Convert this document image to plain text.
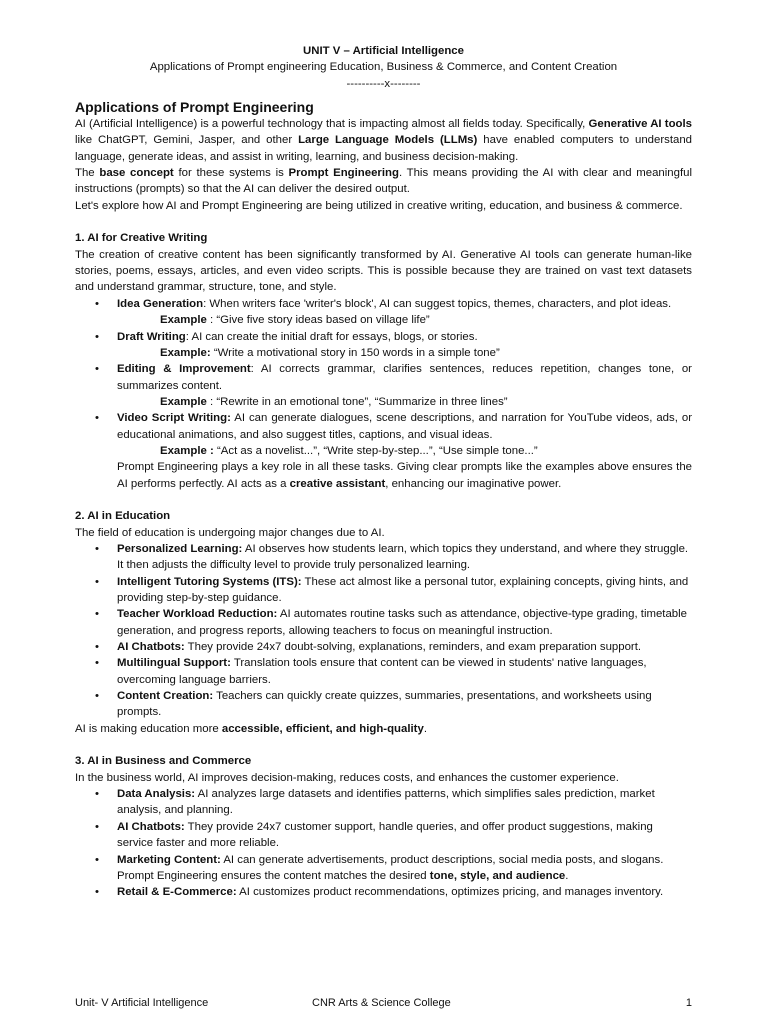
UNIT V – Artificial Intelligence

Applications of Prompt engineering Education, Business & Commerce, and Content Creation

----------x--------

Applications of Prompt Engineering

AI (Artificial Intelligence) is a powerful technology that is impacting almost all fields today. Specifically, Generative AI tools like ChatGPT, Gemini, Jasper, and other Large Language Models (LLMs) have enabled computers to understand language, generate ideas, and assist in writing, learning, and business decision-making.

The base concept for these systems is Prompt Engineering. This means providing the AI with clear and meaningful instructions (prompts) so that the AI can deliver the desired output.

Let's explore how AI and Prompt Engineering are being utilized in creative writing, education, and business & commerce.

1. AI for Creative Writing

The creation of creative content has been significantly transformed by AI. Generative AI tools can generate human-like stories, poems, essays, articles, and even video scripts. This is possible because they are trained on vast text datasets and understand grammar, structure, tone, and style.

• Idea Generation: When writers face 'writer's block', AI can suggest topics, themes, characters, and plot ideas.
Example : “Give five story ideas based on village life”
• Draft Writing: AI can create the initial draft for essays, blogs, or stories.
Example: “Write a motivational story in 150 words in a simple tone”
• Editing & Improvement: AI corrects grammar, clarifies sentences, reduces repetition, changes tone, or summarizes content.
Example : “Rewrite in an emotional tone”, “Summarize in three lines”
• Video Script Writing: AI can generate dialogues, scene descriptions, and narration for YouTube videos, ads, or educational animations, and also suggest titles, captions, and visual ideas.
Example : “Act as a novelist...”, “Write step-by-step...”, “Use simple tone...”

Prompt Engineering plays a key role in all these tasks. Giving clear prompts like the examples above ensures the AI performs perfectly. AI acts as a creative assistant, enhancing our imaginative power.

2. AI in Education

The field of education is undergoing major changes due to AI.

• Personalized Learning: AI observes how students learn, which topics they understand, and where they struggle. It then adjusts the difficulty level to provide truly personalized learning.
• Intelligent Tutoring Systems (ITS): These act almost like a personal tutor, explaining concepts, giving hints, and providing step-by-step guidance.
• Teacher Workload Reduction: AI automates routine tasks such as attendance, objective-type grading, timetable generation, and progress reports, allowing teachers to focus on meaningful instruction.
• AI Chatbots: They provide 24x7 doubt-solving, explanations, reminders, and exam preparation support.
• Multilingual Support: Translation tools ensure that content can be viewed in students' native languages, overcoming language barriers.
• Content Creation: Teachers can quickly create quizzes, summaries, presentations, and worksheets using prompts.

AI is making education more accessible, efficient, and high-quality.

3. AI in Business and Commerce

In the business world, AI improves decision-making, reduces costs, and enhances the customer experience.

• Data Analysis: AI analyzes large datasets and identifies patterns, which simplifies sales prediction, market analysis, and planning.
• AI Chatbots: They provide 24x7 customer support, handle queries, and offer product suggestions, making service faster and more reliable.
• Marketing Content: AI can generate advertisements, product descriptions, social media posts, and slogans. Prompt Engineering ensures the content matches the desired tone, style, and audience.
• Retail & E-Commerce: AI customizes product recommendations, optimizes pricing, and manages inventory.
Unit- V Artificial Intelligence	CNR Arts & Science College	1
